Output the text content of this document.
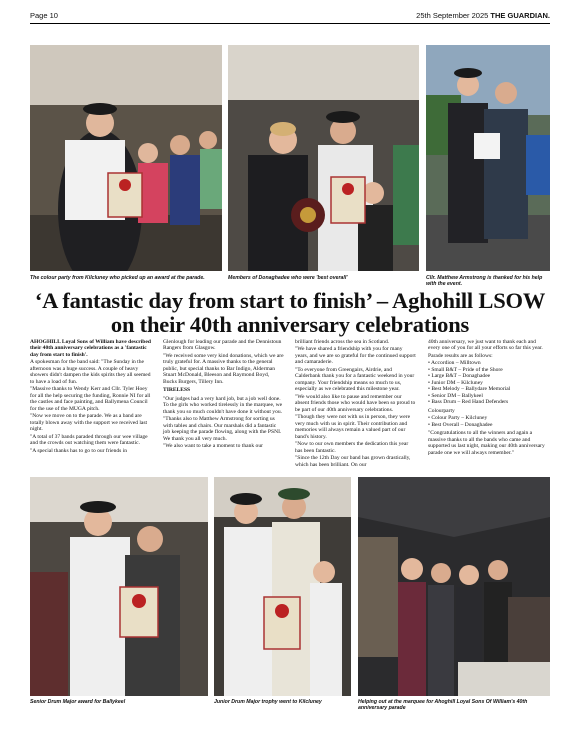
Page 10	25th September 2025 THE GUARDIAN.
The colour party from Kilcluney who picked up an award at the parade.	Members of Donaghadee who were 'best overall'	Cllr. Matthew Armstrong is thanked for his help with the event.
‘A fantastic day from start to finish’ – Aghohill LSOW on their 40th anniversary celebrations

AHOGHILL Loyal Sons of William have described their 40th anniversary celebrations as a 'fantastic day from start to finish'.

A spokesman for the band said: "The Sunday in the afternoon was a huge success. A couple of heavy showers didn't dampen the kids spirits they all seemed to have a load of fun.

"Massive thanks to Wendy Kerr and Cllr. Tyler Hoey for all the help securing the funding, Ronnie NI for all the castles and face painting, and Ballymena Council for the use of the MUGA pitch.

"Now we move on to the parade. We as a band are totally blown away with the support we received last night.

"A total of 37 bands paraded through our wee village and the crowds out watching them were fantastic.

"A special thanks has to go to our friends in

Glenlough for leading our parade and the Dennistoun Rangers from Glasgow.

"We received some very kind donations, which we are truly grateful for. A massive thanks to the general public, but special thanks to Bar Indigo, Alderman Stuart McDonald, Bleeson and Raymond Boyd, Bucks Burgers, Tillery Inn.

TIRELESS

"Our judges had a very hard job, but a job well done. To the girls who worked tirelessly in the marquee, we thank you so much couldn't have done it without you.

"Thanks also to Matthew Armstrong for sorting us with tables and chairs. Our marshals did a fantastic job keeping the parade flowing, along with the PSNI. We thank you all very much.

"We also want to take a moment to thank our

brilliant friends across the sea in Scotland.

"We have shared a friendship with you for many years, and we are so grateful for the continued support and camaraderie.

"To everyone from Greengairs, Airdrie, and Calderbank thank you for a fantastic weekend in your company. Your friendship means so much to us, especially as we celebrated this milestone year.

"We would also like to pause and remember our absent friends those who would have been so proud to be part of our 40th anniversary celebrations.

"Though they were not with us in person, they were very much with us in spirit. Their contribution and memories will always remain a valued part of our band's history.

"Now to our own members the dedication this year has been fantastic.

"Since the 12th Day our band has grown drastically, which has been brilliant. On our

40th anniversary, we just want to thank each and every one of you for all your efforts so far this year.

Parade results are as follows:

• Accordion – Milltown
• Small B&T – Pride of the Shore
• Large B&T – Donaghadee
• Junior DM – Kilcluney
• Best Melody – Ballydare Memorial
• Senior DM – Ballykeel
• Bass Drum – Red Hand Defenders

Colourparty

• Colour Party – Kilcluney
• Best Overall – Donaghadee

"Congratulations to all the winners and again a massive thanks to all the bands who came and supported us last night, making our 40th anniversary parade one we will always remember."

Senior Drum Major award for Ballykeel	Junior Drum Major trophy went to Kilcluney	Helping out at the marquee for Ahoghill Loyal Sons Of William's 40th anniversary parade
